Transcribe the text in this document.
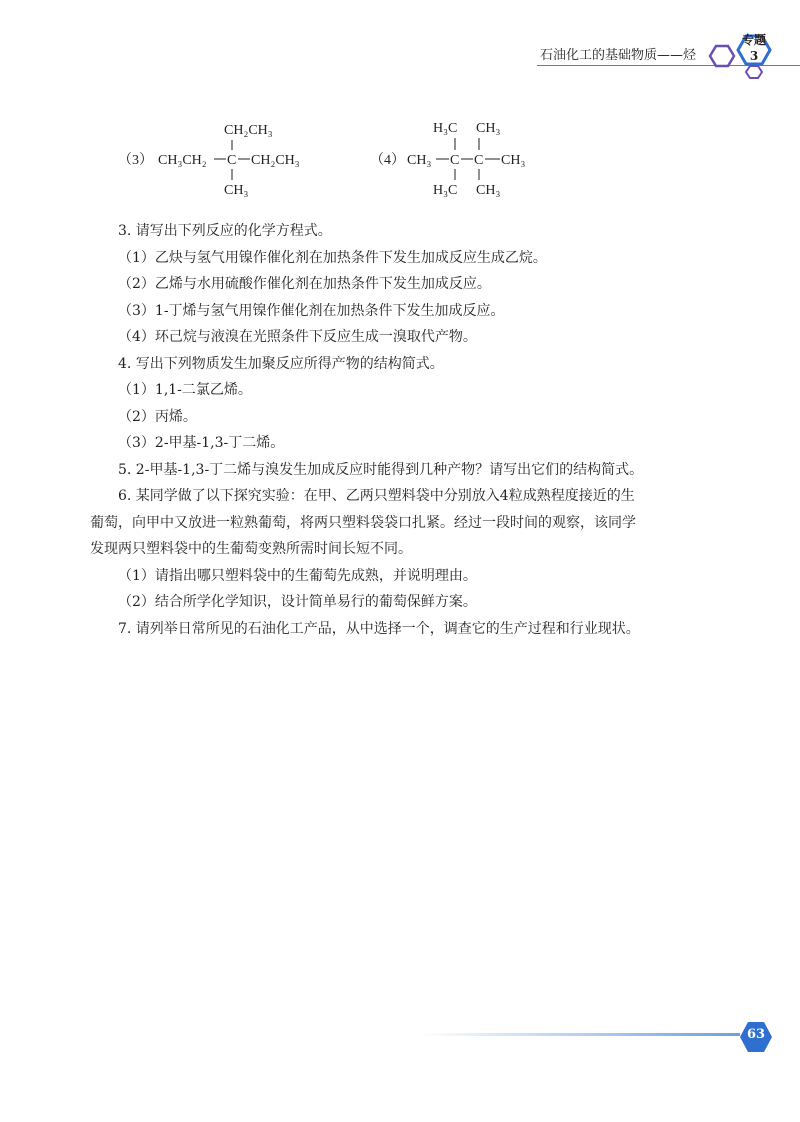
石油化工的基础物质——烃
专题
3
（3）
CH₂CH₃
CH₃CH₂ C CH₂CH₃
CH₃
（4）
H₃C CH₃
CH₃ C C CH₃
H₃C CH₃

3. 请写出下列反应的化学方程式。

（1）乙炔与氢气用镍作催化剂在加热条件下发生加成反应生成乙烷。

（2）乙烯与水用硫酸作催化剂在加热条件下发生加成反应。

（3）1-丁烯与氢气用镍作催化剂在加热条件下发生加成反应。

（4）环己烷与液溴在光照条件下反应生成一溴取代产物。

4. 写出下列物质发生加聚反应所得产物的结构简式。

（1）1,1-二氯乙烯。

（2）丙烯。

（3）2-甲基-1,3-丁二烯。

5. 2-甲基-1,3-丁二烯与溴发生加成反应时能得到几种产物？请写出它们的结构简式。

6. 某同学做了以下探究实验：在甲、乙两只塑料袋中分别放入4粒成熟程度接近的生

葡萄，向甲中又放进一粒熟葡萄，将两只塑料袋袋口扎紧。经过一段时间的观察，该同学

发现两只塑料袋中的生葡萄变熟所需时间长短不同。

（1）请指出哪只塑料袋中的生葡萄先成熟，并说明理由。

（2）结合所学化学知识，设计简单易行的葡萄保鲜方案。

7. 请列举日常所见的石油化工产品，从中选择一个，调查它的生产过程和行业现状。

63
